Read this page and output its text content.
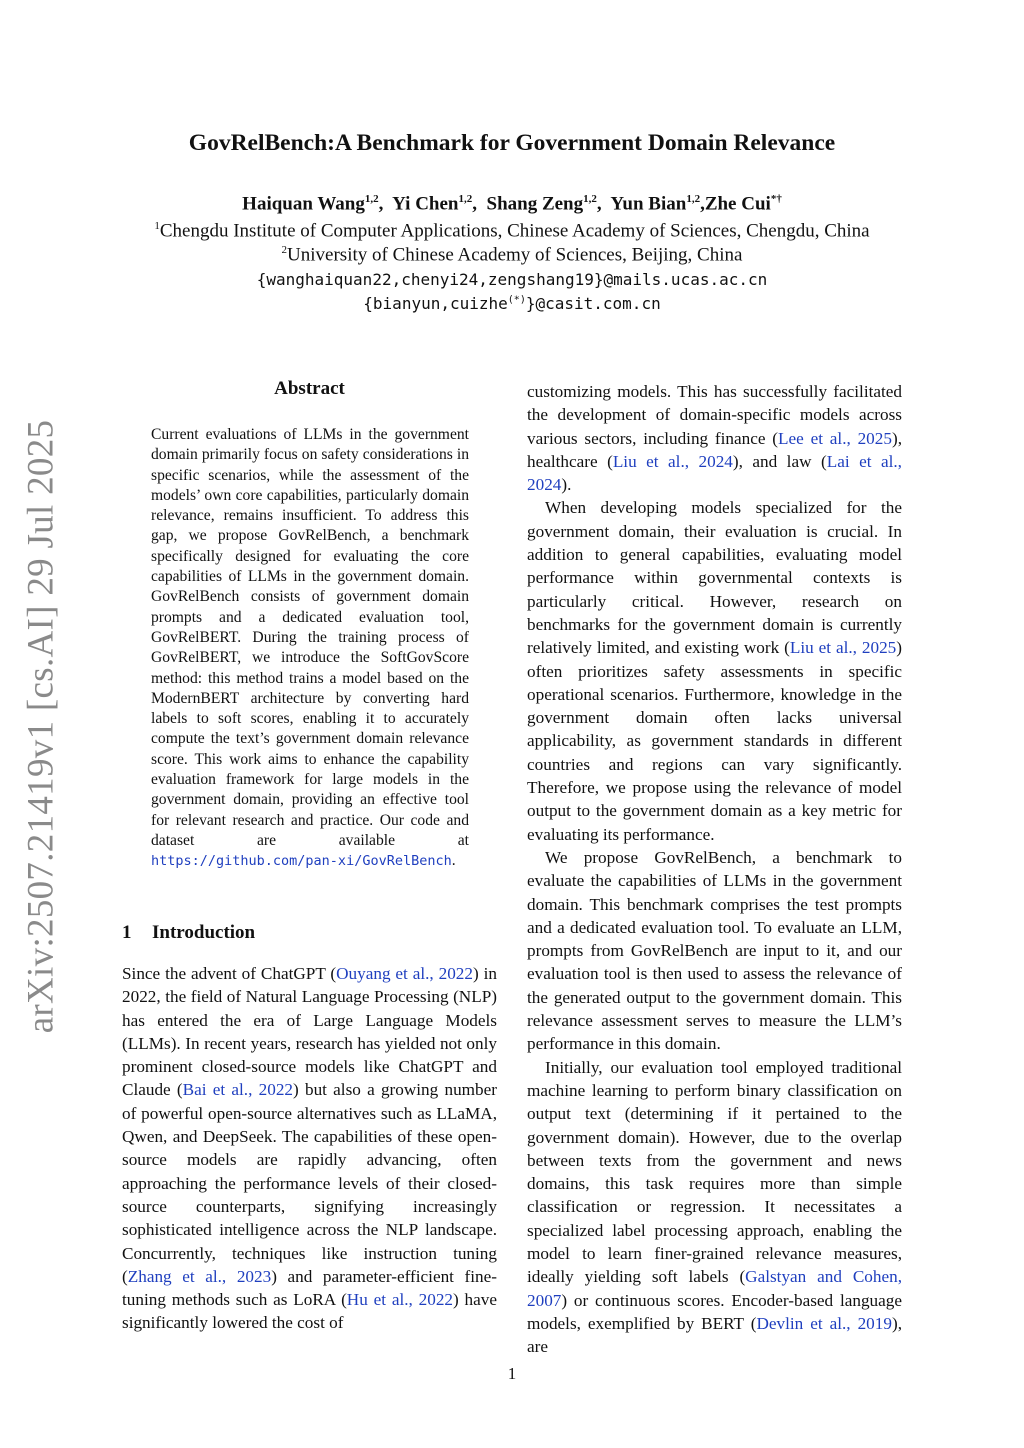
arXiv:2507.21419v1 [cs.AI] 29 Jul 2025
GovRelBench:A Benchmark for Government Domain Relevance
Haiquan Wang$^{1,2}$,  Yi Chen$^{1,2}$,  Shang Zeng$^{1,2}$,  Yun Bian$^{1,2}$,Zhe Cui*†
$^1$Chengdu Institute of Computer Applications, Chinese Academy of Sciences, Chengdu, China
$^2$University of Chinese Academy of Sciences, Beijing, China
{wanghaiquan22,chenyi24,zengshang19}@mails.ucas.ac.cn
{bianyun,cuizhe(*)}@casit.com.cn
Abstract
Current evaluations of LLMs in the government domain primarily focus on safety considerations in specific scenarios, while the assessment of the models’ own core capabilities, particularly domain relevance, remains insufficient. To address this gap, we propose GovRelBench, a benchmark specifically designed for evaluating the core capabilities of LLMs in the government domain. GovRelBench consists of government domain prompts and a dedicated evaluation tool, GovRelBERT. During the training process of GovRelBERT, we introduce the SoftGovScore method: this method trains a model based on the ModernBERT architecture by converting hard labels to soft scores, enabling it to accurately compute the text’s government domain relevance score. This work aims to enhance the capability evaluation framework for large models in the government domain, providing an effective tool for relevant research and practice. Our code and dataset are available at https://github.com/pan-xi/GovRelBench.
1 Introduction

Since the advent of ChatGPT (Ouyang et al., 2022) in 2022, the field of Natural Language Processing (NLP) has entered the era of Large Language Models (LLMs). In recent years, research has yielded not only prominent closed-source models like ChatGPT and Claude (Bai et al., 2022) but also a growing number of powerful open-source alternatives such as LLaMA, Qwen, and DeepSeek. The capabilities of these open-source models are rapidly advancing, often approaching the performance levels of their closed-source counterparts, signifying increasingly sophisticated intelligence across the NLP landscape. Concurrently, techniques like instruction tuning (Zhang et al., 2023) and parameter-efficient fine-tuning methods such as LoRA (Hu et al., 2022) have significantly lowered the cost of

customizing models. This has successfully facilitated the development of domain-specific models across various sectors, including finance (Lee et al., 2025), healthcare (Liu et al., 2024), and law (Lai et al., 2024).

When developing models specialized for the government domain, their evaluation is crucial. In addition to general capabilities, evaluating model performance within governmental contexts is particularly critical. However, research on benchmarks for the government domain is currently relatively limited, and existing work (Liu et al., 2025) often prioritizes safety assessments in specific operational scenarios. Furthermore, knowledge in the government domain often lacks universal applicability, as government standards in different countries and regions can vary significantly. Therefore, we propose using the relevance of model output to the government domain as a key metric for evaluating its performance.

We propose GovRelBench, a benchmark to evaluate the capabilities of LLMs in the government domain. This benchmark comprises the test prompts and a dedicated evaluation tool. To evaluate an LLM, prompts from GovRelBench are input to it, and our evaluation tool is then used to assess the relevance of the generated output to the government domain. This relevance assessment serves to measure the LLM’s performance in this domain.

Initially, our evaluation tool employed traditional machine learning to perform binary classification on output text (determining if it pertained to the government domain). However, due to the overlap between texts from the government and news domains, this task requires more than simple classification or regression. It necessitates a specialized label processing approach, enabling the model to learn finer-grained relevance measures, ideally yielding soft labels (Galstyan and Cohen, 2007) or continuous scores. Encoder-based language models, exemplified by BERT (Devlin et al., 2019), are

1
